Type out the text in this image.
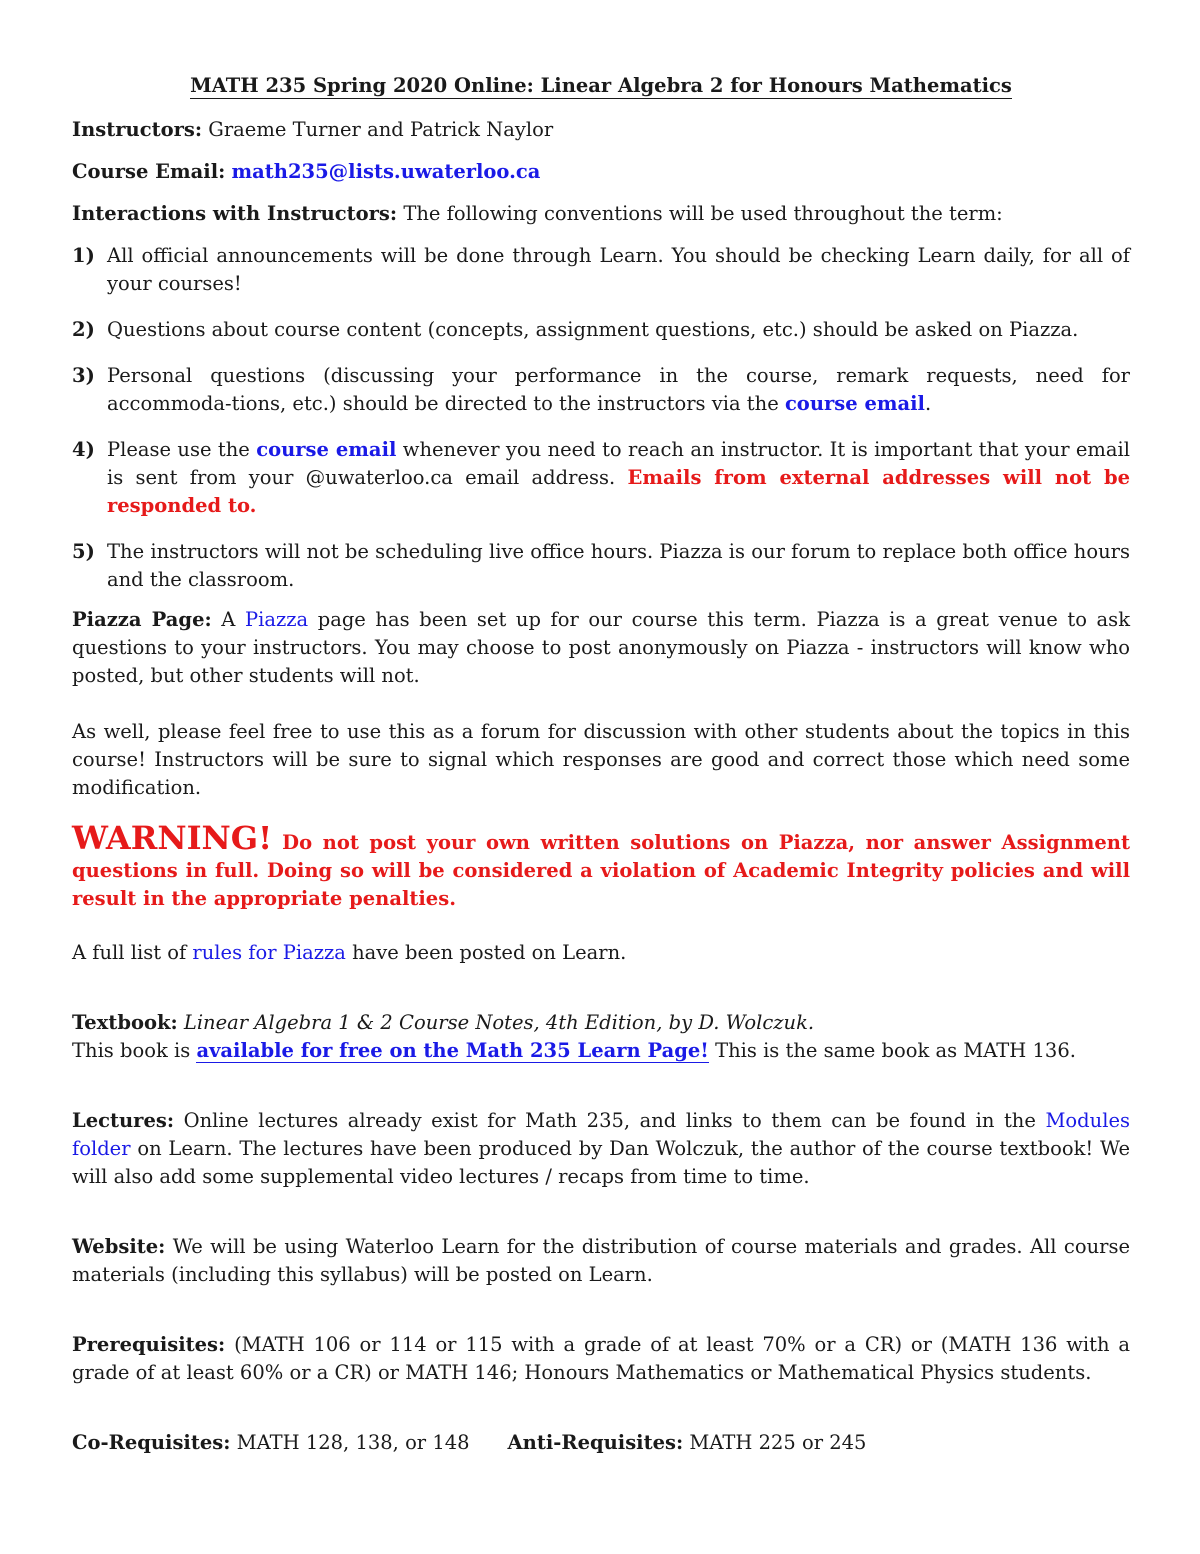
MATH 235 Spring 2020 Online: Linear Algebra 2 for Honours Mathematics

Instructors: Graeme Turner and Patrick Naylor

Course Email: math235@lists.uwaterloo.ca

Interactions with Instructors: The following conventions will be used throughout the term:

1) All official announcements will be done through Learn. You should be checking Learn daily, for all of your courses!
2) Questions about course content (concepts, assignment questions, etc.) should be asked on Piazza.
3) Personal questions (discussing your performance in the course, remark requests, need for accommoda-tions, etc.) should be directed to the instructors via the course email.
4) Please use the course email whenever you need to reach an instructor. It is important that your email is sent from your @uwaterloo.ca email address. Emails from external addresses will not be responded to.
5) The instructors will not be scheduling live office hours. Piazza is our forum to replace both office hours and the classroom.

Piazza Page: A Piazza page has been set up for our course this term. Piazza is a great venue to ask questions to your instructors. You may choose to post anonymously on Piazza - instructors will know who posted, but other students will not.

As well, please feel free to use this as a forum for discussion with other students about the topics in this course! Instructors will be sure to signal which responses are good and correct those which need some modification.

WARNING! Do not post your own written solutions on Piazza, nor answer Assignment questions in full. Doing so will be considered a violation of Academic Integrity policies and will result in the appropriate penalties.

A full list of rules for Piazza have been posted on Learn.

Textbook: Linear Algebra 1 & 2 Course Notes, 4th Edition, by D. Wolczuk.

This book is available for free on the Math 235 Learn Page! This is the same book as MATH 136.

Lectures: Online lectures already exist for Math 235, and links to them can be found in the Modules folder on Learn. The lectures have been produced by Dan Wolczuk, the author of the course textbook! We will also add some supplemental video lectures / recaps from time to time.

Website: We will be using Waterloo Learn for the distribution of course materials and grades. All course materials (including this syllabus) will be posted on Learn.

Prerequisites: (MATH 106 or 114 or 115 with a grade of at least 70% or a CR) or (MATH 136 with a grade of at least 60% or a CR) or MATH 146; Honours Mathematics or Mathematical Physics students.

Co-Requisites: MATH 128, 138, or 148 Anti-Requisites: MATH 225 or 245
